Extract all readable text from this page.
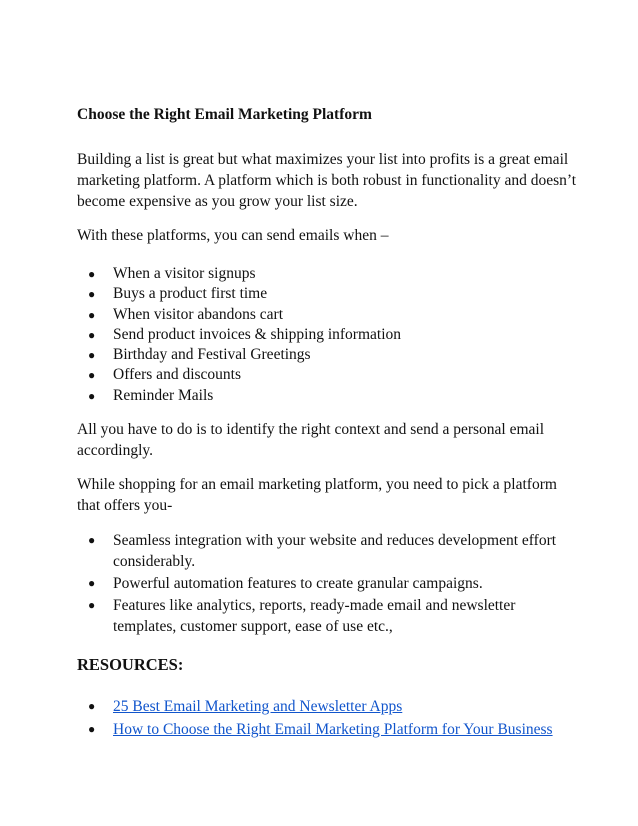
Choose the Right Email Marketing Platform

Building a list is great but what maximizes your list into profits is a great email marketing platform. A platform which is both robust in functionality and doesn’t become expensive as you grow your list size.

With these platforms, you can send emails when –

● When a visitor signups
● Buys a product first time
● When visitor abandons cart
● Send product invoices & shipping information
● Birthday and Festival Greetings
● Offers and discounts
● Reminder Mails

All you have to do is to identify the right context and send a personal email accordingly.

While shopping for an email marketing platform, you need to pick a platform that offers you-

● Seamless integration with your website and reduces development effort considerably.
● Powerful automation features to create granular campaigns.
● Features like analytics, reports, ready-made email and newsletter templates, customer support, ease of use etc.,
RESOURCES:
● 25 Best Email Marketing and Newsletter Apps
● How to Choose the Right Email Marketing Platform for Your Business
